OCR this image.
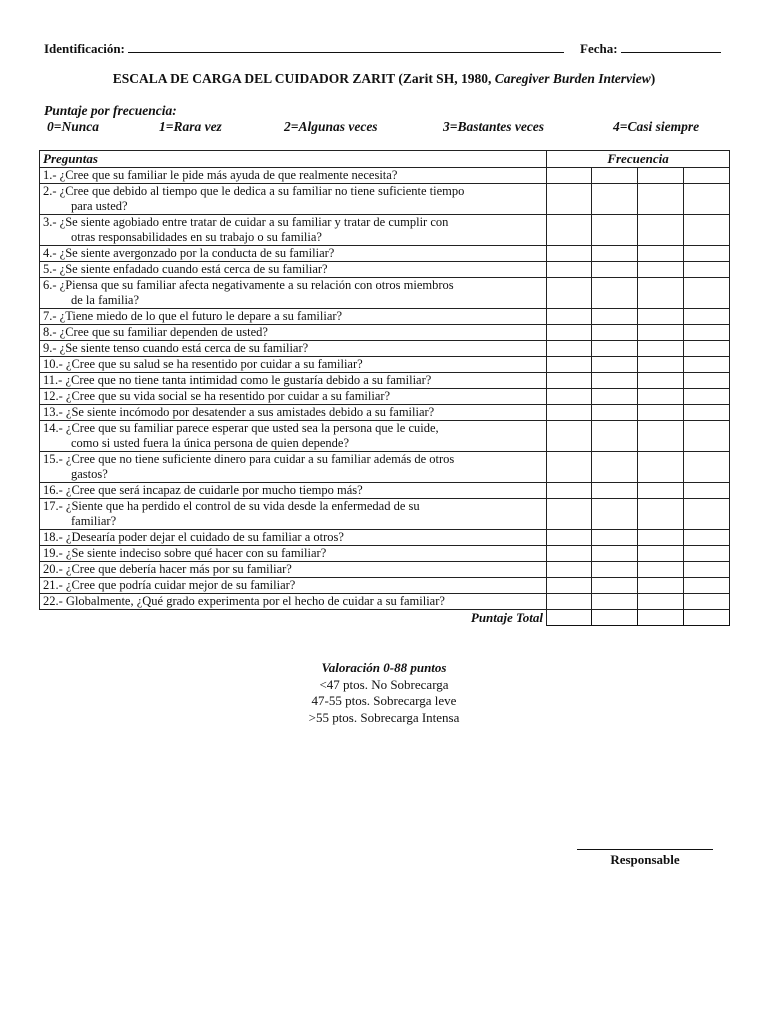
Identificación:	Fecha:
ESCALA DE CARGA DEL CUIDADOR ZARIT (Zarit SH, 1980, Caregiver Burden Interview)
Puntaje por frecuencia:
0=Nunca	1=Rara vez	2=Algunas veces	3=Bastantes veces	4=Casi siempre
Preguntas	Frecuencia			
1.- ¿Cree que su familiar le pide más ayuda de que realmente necesita?				
2.- ¿Cree que debido al tiempo que le dedica a su familiar no tiene suficiente tiempo
para usted?				

3.- ¿Se siente agobiado entre tratar de cuidar a su familiar y tratar de cumplir con
otras responsabilidades en su trabajo o su familia?				

4.- ¿Se siente avergonzado por la conducta de su familiar?				
5.- ¿Se siente enfadado cuando está cerca de su familiar?				
6.- ¿Piensa que su familiar afecta negativamente a su relación con otros miembros
de la familia?				

7.- ¿Tiene miedo de lo que el futuro le depare a su familiar?				
8.- ¿Cree que su familiar dependen de usted?				
9.- ¿Se siente tenso cuando está cerca de su familiar?				
10.- ¿Cree que su salud se ha resentido por cuidar a su familiar?				
11.- ¿Cree que no tiene tanta intimidad como le gustaría debido a su familiar?				
12.- ¿Cree que su vida social se ha resentido por cuidar a su familiar?				
13.- ¿Se siente incómodo por desatender a sus amistades debido a su familiar?				
14.- ¿Cree que su familiar parece esperar que usted sea la persona que le cuide,
como si usted fuera la única persona de quien depende?				

15.- ¿Cree que no tiene suficiente dinero para cuidar a su familiar además de otros
gastos?				

16.- ¿Cree que será incapaz de cuidarle por mucho tiempo más?				
17.- ¿Siente que ha perdido el control de su vida desde la enfermedad de su
familiar?				

18.- ¿Desearía poder dejar el cuidado de su familiar a otros?				
19.- ¿Se siente indeciso sobre qué hacer con su familiar?				
20.- ¿Cree que debería hacer más por su familiar?				
21.- ¿Cree que podría cuidar mejor de su familiar?				
22.- Globalmente, ¿Qué grado experimenta por el hecho de cuidar a su familiar?				
Puntaje Total				
Valoración 0-88 puntos
<47 ptos. No Sobrecarga
47-55 ptos. Sobrecarga leve
>55 ptos. Sobrecarga Intensa
Responsable
